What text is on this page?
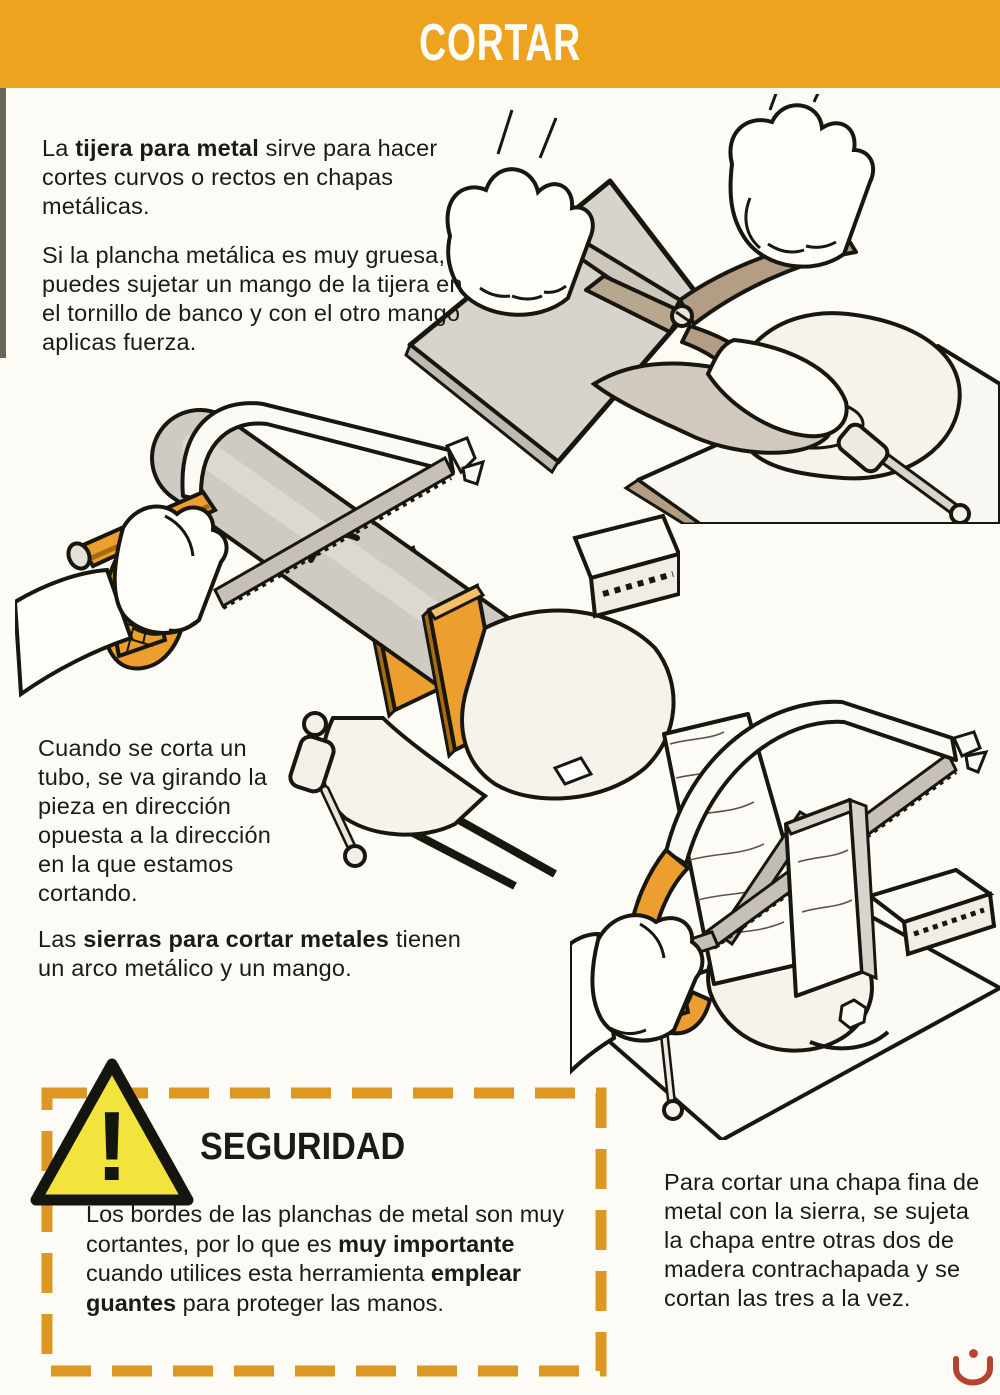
CORTAR

La tijera para metal sirve para hacer cortes curvos o rectos en chapas metálicas.

Si la plancha metálica es muy gruesa, puedes sujetar un mango de la tijera en el tornillo de banco y con el otro mango aplicas fuerza.

Cuando se corta un tubo, se va girando la pieza en dirección opuesta a la dirección en la que estamos cortando.

Las sierras para cortar metales tienen un arco metálico y un mango.

! SEGURIDAD

Los bordes de las planchas de metal son muy cortantes, por lo que es muy importante cuando utilices esta herramienta emplear guantes para proteger las manos.

Para cortar una chapa fina de metal con la sierra, se sujeta la chapa entre otras dos de madera contrachapada y se cortan las tres a la vez.
